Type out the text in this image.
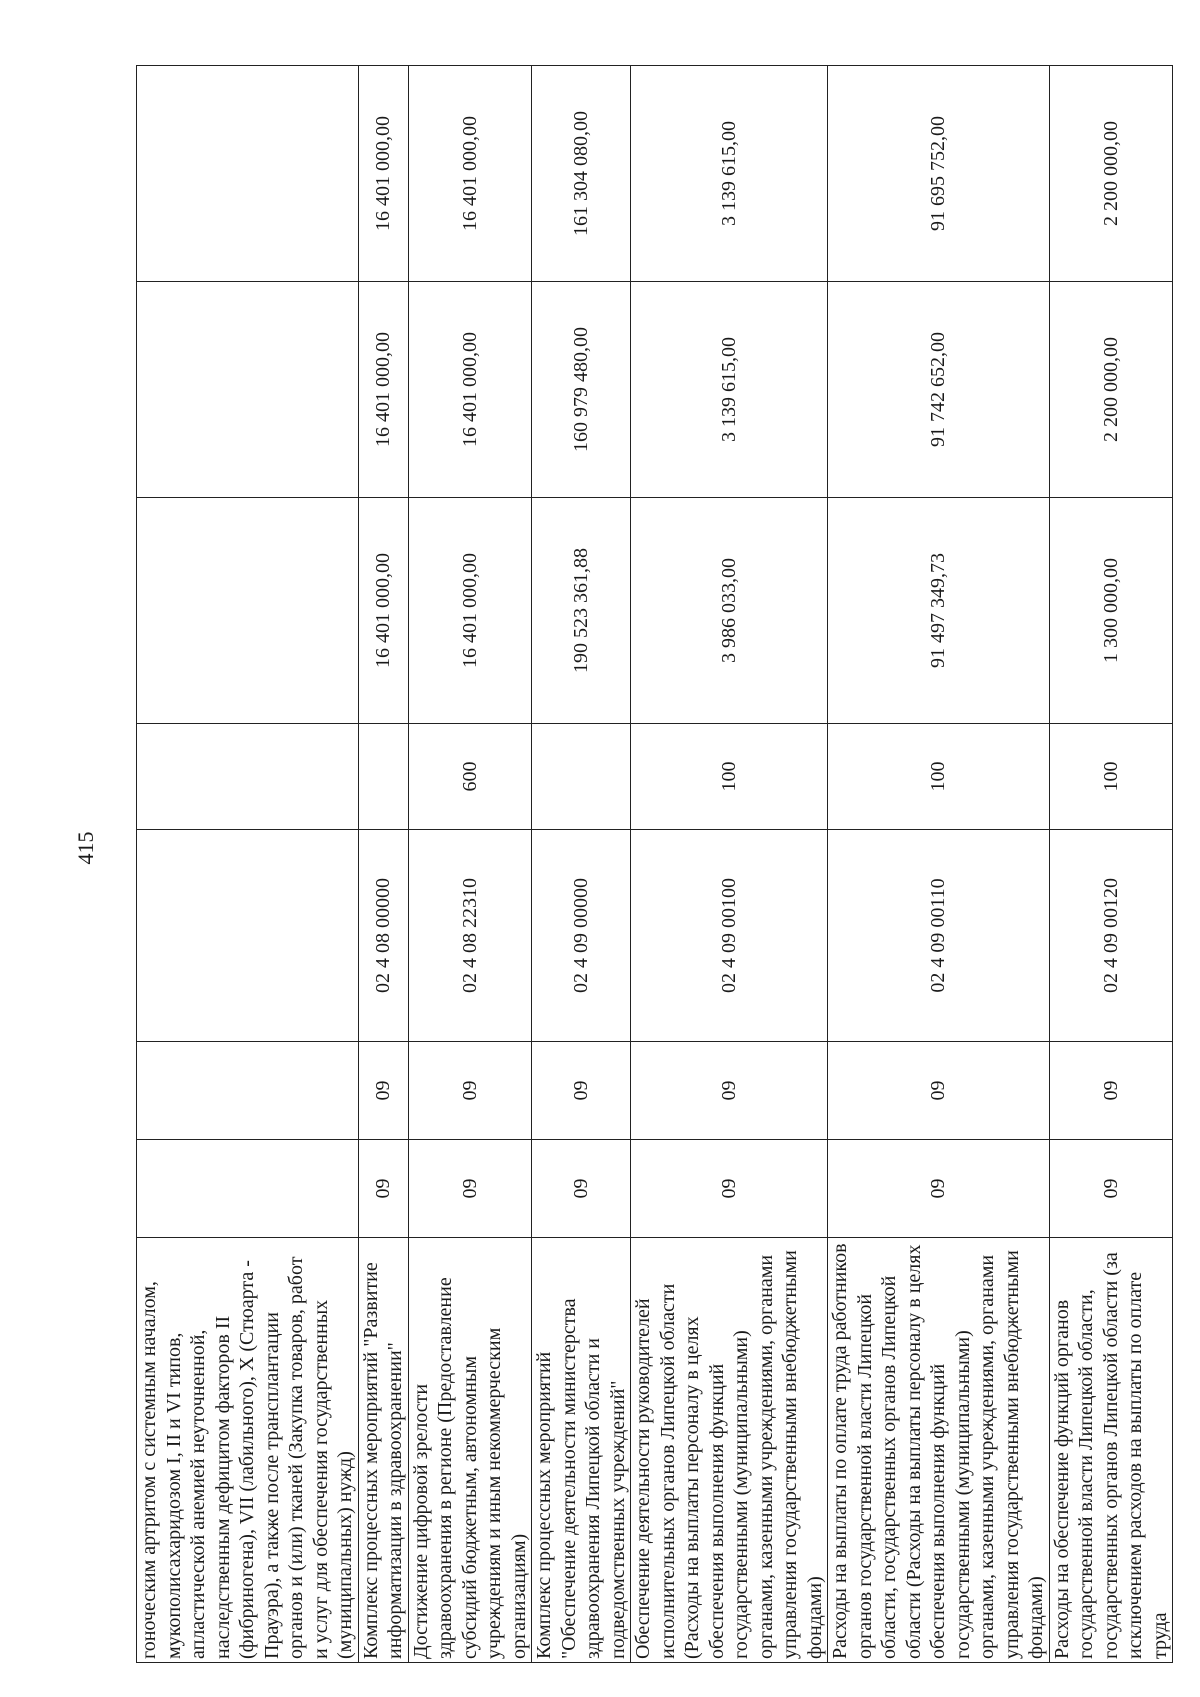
415
гоноческим артритом с системным началом, мукополисахаридозом I, II и VI типов, апластической анемией неуточненной, наследственным дефицитом факторов II (фибриногена), VII (лабильного), X (Стюарта - Прауэра), а также после трансплантации органов и (или) тканей (Закупка товаров, работ и услуг для обеспечения государственных (муниципальных) нужд)							
Комплекс процессных мероприятий "Развитие информатизации в здравоохранении"	09	09	02 4 08 00000		16 401 000,00	16 401 000,00	16 401 000,00
Достижение цифровой зрелости здравоохранения в регионе (Предоставление субсидий бюджетным, автономным учреждениям и иным некоммерческим организациям)	09	09	02 4 08 22310	600	16 401 000,00	16 401 000,00	16 401 000,00
Комплекс процессных мероприятий "Обеспечение деятельности министерства здравоохранения Липецкой области и подведомственных учреждений"	09	09	02 4 09 00000		190 523 361,88	160 979 480,00	161 304 080,00
Обеспечение деятельности руководителей исполнительных органов Липецкой области (Расходы на выплаты персоналу в целях обеспечения выполнения функций государственными (муниципальными) органами, казенными учреждениями, органами управления государственными внебюджетными фондами)	09	09	02 4 09 00100	100	3 986 033,00	3 139 615,00	3 139 615,00
Расходы на выплаты по оплате труда работников органов государственной власти Липецкой области, государственных органов Липецкой области (Расходы на выплаты персоналу в целях обеспечения выполнения функций государственными (муниципальными) органами, казенными учреждениями, органами управления государственными внебюджетными фондами)	09	09	02 4 09 00110	100	91 497 349,73	91 742 652,00	91 695 752,00
Расходы на обеспечение функций органов государственной власти Липецкой области, государственных органов Липецкой области (за исключением расходов на выплаты по оплате труда	09	09	02 4 09 00120	100	1 300 000,00	2 200 000,00	2 200 000,00
